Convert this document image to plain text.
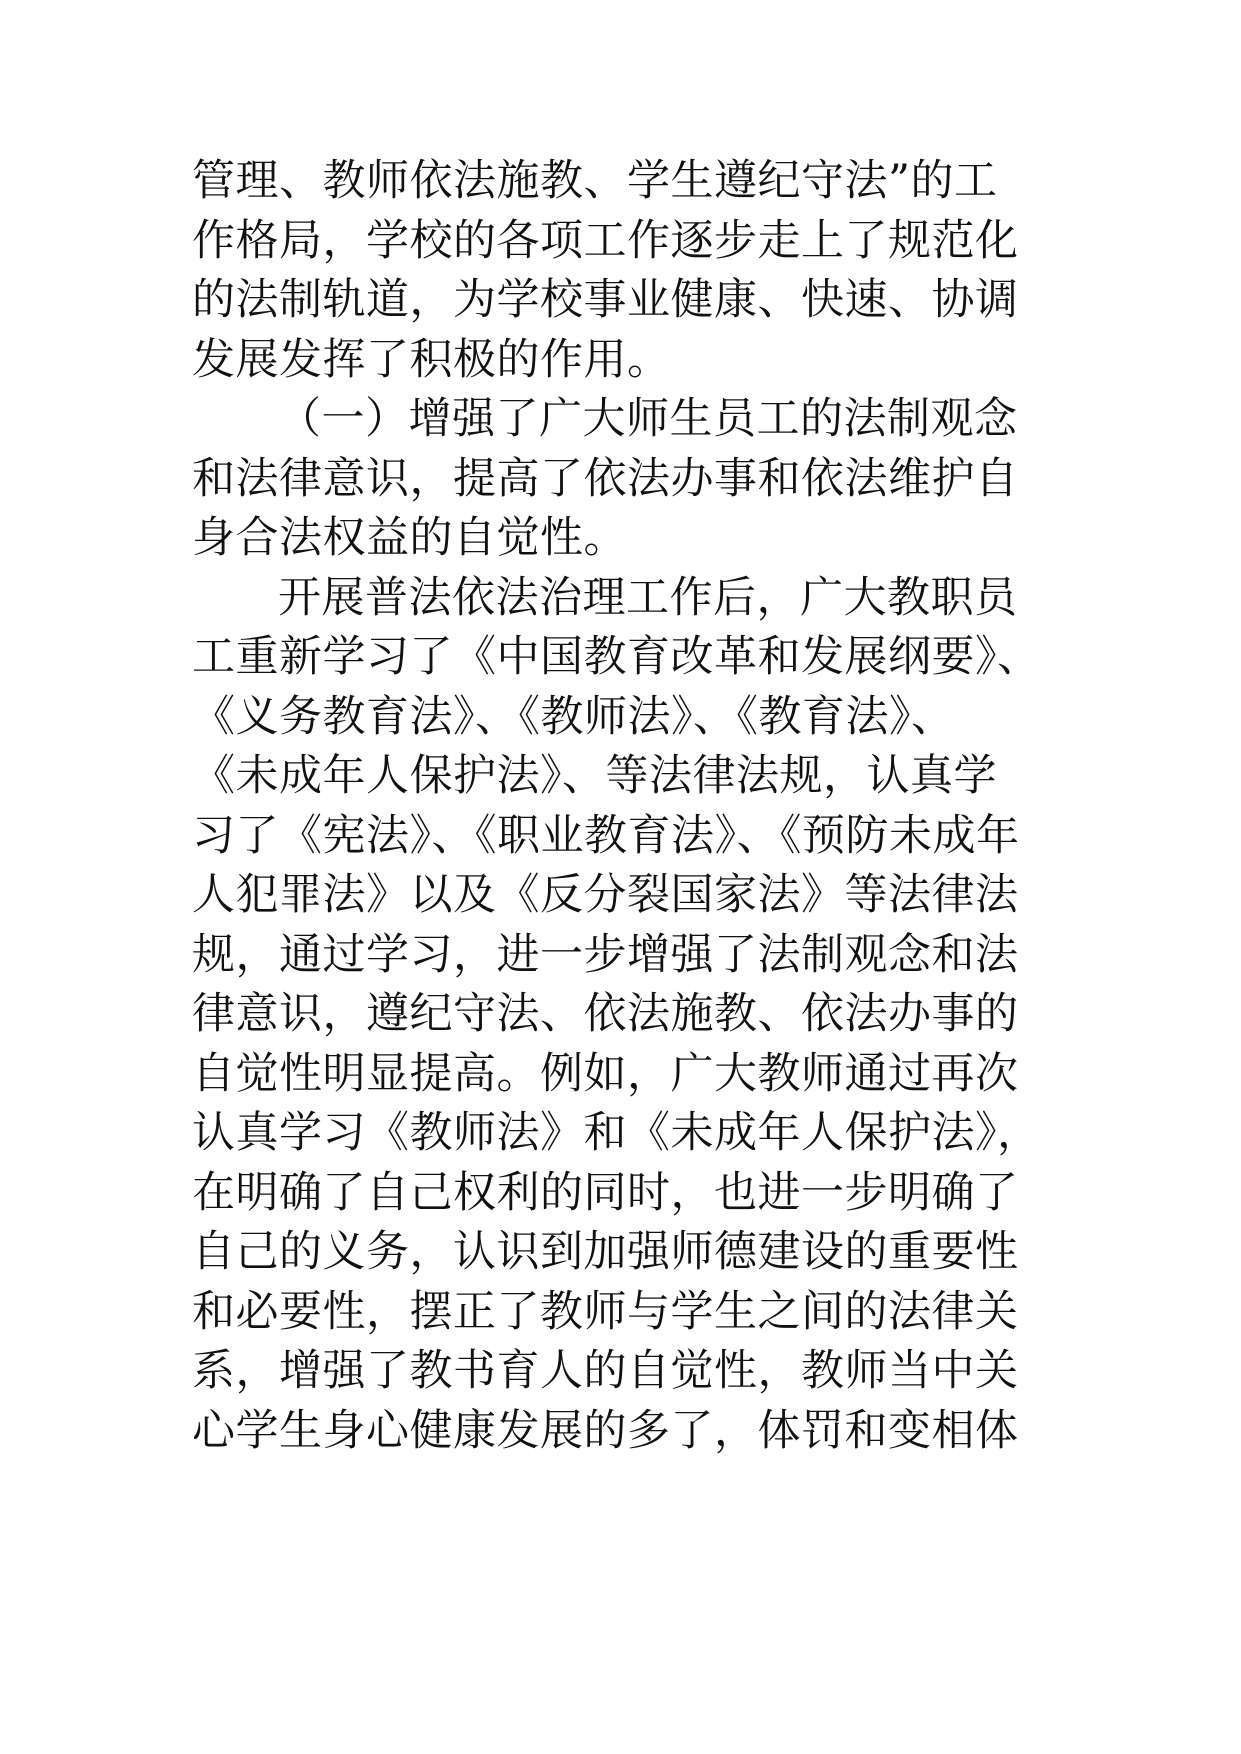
管理、教师依法施教、学生遵纪守法”的工
作格局，学校的各项工作逐步走上了规范化
的法制轨道，为学校事业健康、快速、协调
发展发挥了积极的作用。
（一）增强了广大师生员工的法制观念
和法律意识，提高了依法办事和依法维护自
身合法权益的自觉性。
开展普法依法治理工作后，广大教职员
工重新学习了《中国教育改革和发展纲要》、
《义务教育法》、《教师法》、《教育法》、
《未成年人保护法》、等法律法规，认真学
习了《宪法》、《职业教育法》、《预防未成年
人犯罪法》以及《反分裂国家法》等法律法
规，通过学习，进一步增强了法制观念和法
律意识，遵纪守法、依法施教、依法办事的
自觉性明显提高。例如，广大教师通过再次
认真学习《教师法》和《未成年人保护法》，
在明确了自己权利的同时，也进一步明确了
自己的义务，认识到加强师德建设的重要性
和必要性，摆正了教师与学生之间的法律关
系，增强了教书育人的自觉性，教师当中关
心学生身心健康发展的多了，体罚和变相体
